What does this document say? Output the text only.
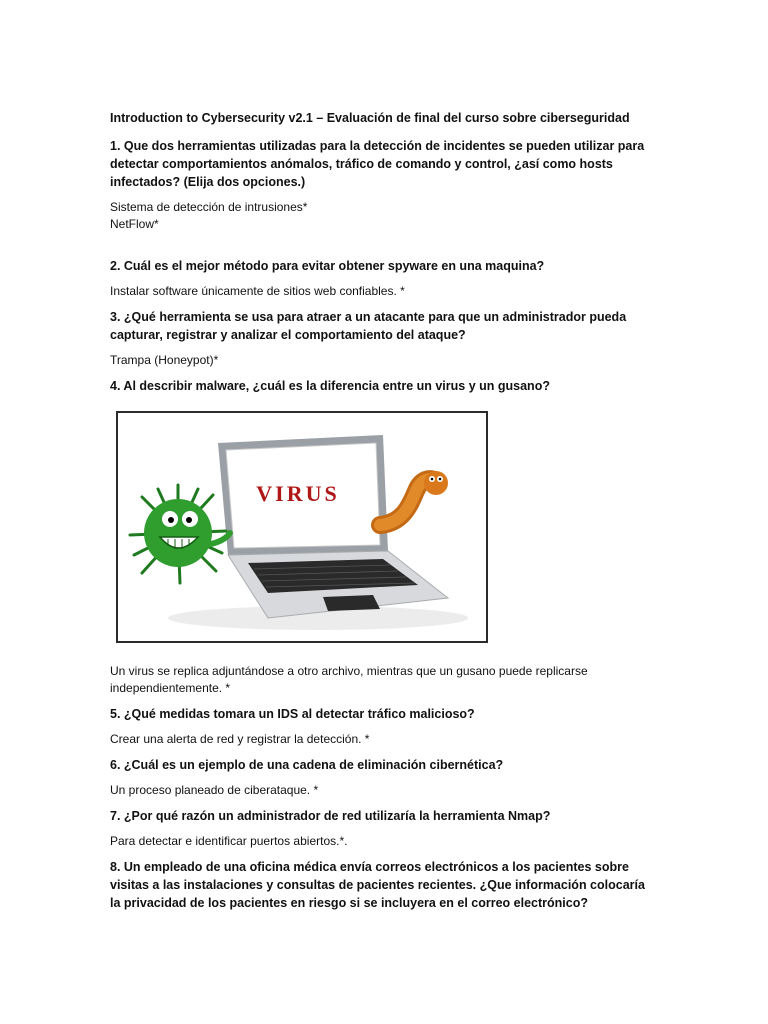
Introduction to Cybersecurity v2.1 – Evaluación de final del curso sobre ciberseguridad

1. Que dos herramientas utilizadas para la detección de incidentes se pueden utilizar para detectar comportamientos anómalos, tráfico de comando y control, ¿así como hosts infectados? (Elija dos opciones.)

Sistema de detección de intrusiones*
NetFlow*

2. Cuál es el mejor método para evitar obtener spyware en una maquina?

Instalar software únicamente de sitios web confiables. *

3. ¿Qué herramienta se usa para atraer a un atacante para que un administrador pueda capturar, registrar y analizar el comportamiento del ataque?

Trampa (Honeypot)*

4. Al describir malware, ¿cuál es la diferencia entre un virus y un gusano?

VIRUS

Un virus se replica adjuntándose a otro archivo, mientras que un gusano puede replicarse independientemente. *

5. ¿Qué medidas tomara un IDS al detectar tráfico malicioso?

Crear una alerta de red y registrar la detección. *

6. ¿Cuál es un ejemplo de una cadena de eliminación cibernética?

Un proceso planeado de ciberataque. *

7. ¿Por qué razón un administrador de red utilizaría la herramienta Nmap?

Para detectar e identificar puertos abiertos.*.

8. Un empleado de una oficina médica envía correos electrónicos a los pacientes sobre visitas a las instalaciones y consultas de pacientes recientes. ¿Que información colocaría la privacidad de los pacientes en riesgo si se incluyera en el correo electrónico?
